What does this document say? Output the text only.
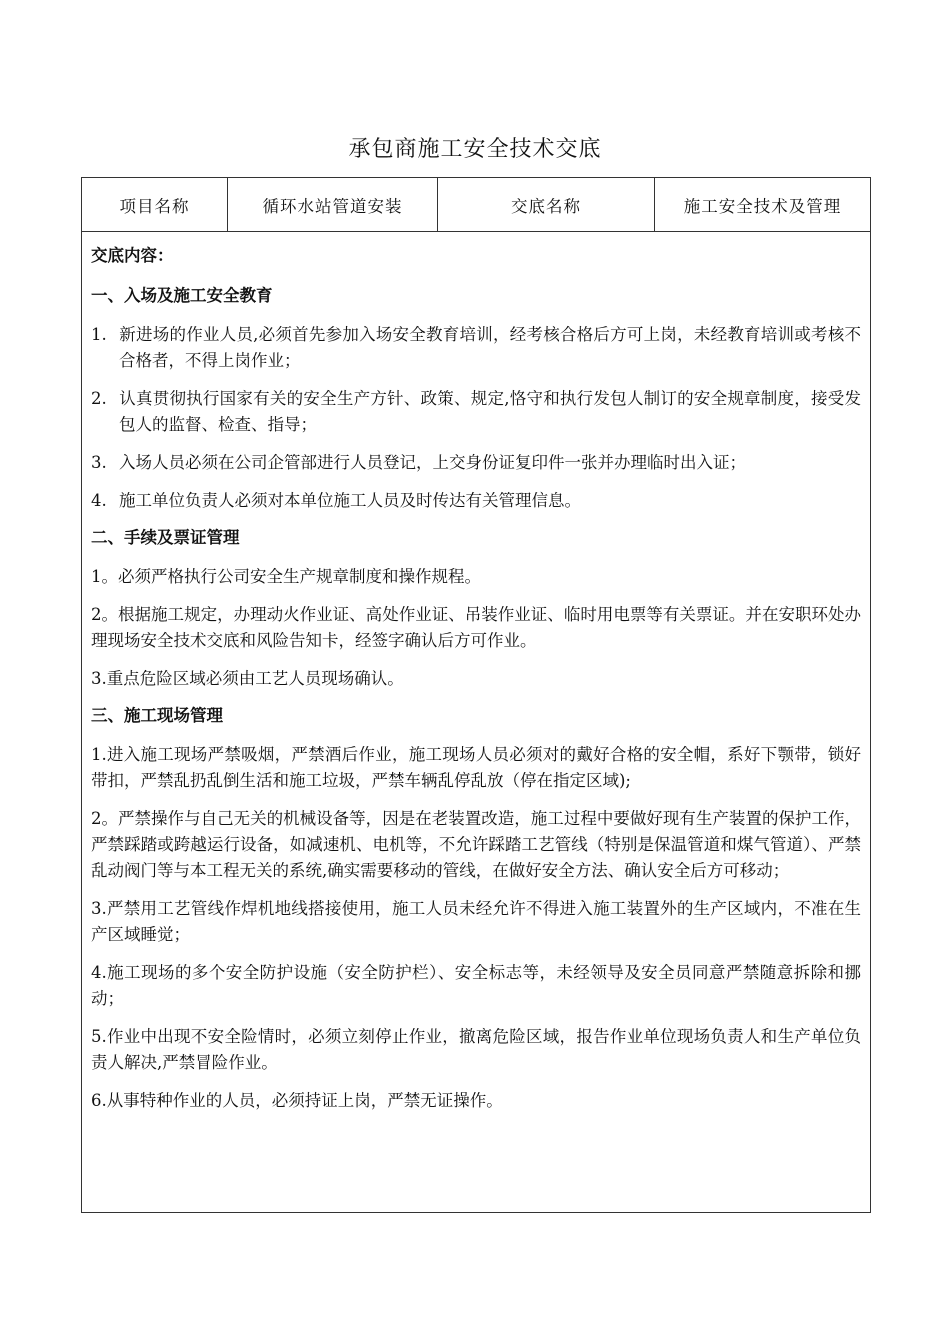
承包商施工安全技术交底
项目名称	循环水站管道安装	交底名称	施工安全技术及管理

交底内容：
一、入场及施工安全教育
1. 新进场的作业人员,必须首先参加入场安全教育培训，经考核合格后方可上岗，未经教育培训或考核不合格者，不得上岗作业；
2. 认真贯彻执行国家有关的安全生产方针、政策、规定,恪守和执行发包人制订的安全规章制度，接受发包人的监督、检查、指导；
3. 入场人员必须在公司企管部进行人员登记，上交身份证复印件一张并办理临时出入证；
4. 施工单位负责人必须对本单位施工人员及时传达有关管理信息。
二、手续及票证管理
1。必须严格执行公司安全生产规章制度和操作规程。
2。根据施工规定，办理动火作业证、高处作业证、吊装作业证、临时用电票等有关票证。并在安职环处办理现场安全技术交底和风险告知卡，经签字确认后方可作业。
3.重点危险区域必须由工艺人员现场确认。
三、施工现场管理
1.进入施工现场严禁吸烟，严禁酒后作业，施工现场人员必须对的戴好合格的安全帽，系好下颚带，锁好带扣，严禁乱扔乱倒生活和施工垃圾，严禁车辆乱停乱放（停在指定区域);
2。严禁操作与自己无关的机械设备等，因是在老装置改造，施工过程中要做好现有生产装置的保护工作，严禁踩踏或跨越运行设备，如减速机、电机等，不允许踩踏工艺管线（特别是保温管道和煤气管道）、严禁乱动阀门等与本工程无关的系统,确实需要移动的管线，在做好安全方法、确认安全后方可移动；
3.严禁用工艺管线作焊机地线搭接使用，施工人员未经允许不得进入施工装置外的生产区域内，不准在生产区域睡觉；
4.施工现场的多个安全防护设施（安全防护栏）、安全标志等，未经领导及安全员同意严禁随意拆除和挪动；
5.作业中出现不安全险情时，必须立刻停止作业，撤离危险区域，报告作业单位现场负责人和生产单位负责人解决,严禁冒险作业。
6.从事特种作业的人员，必须持证上岗，严禁无证操作。
